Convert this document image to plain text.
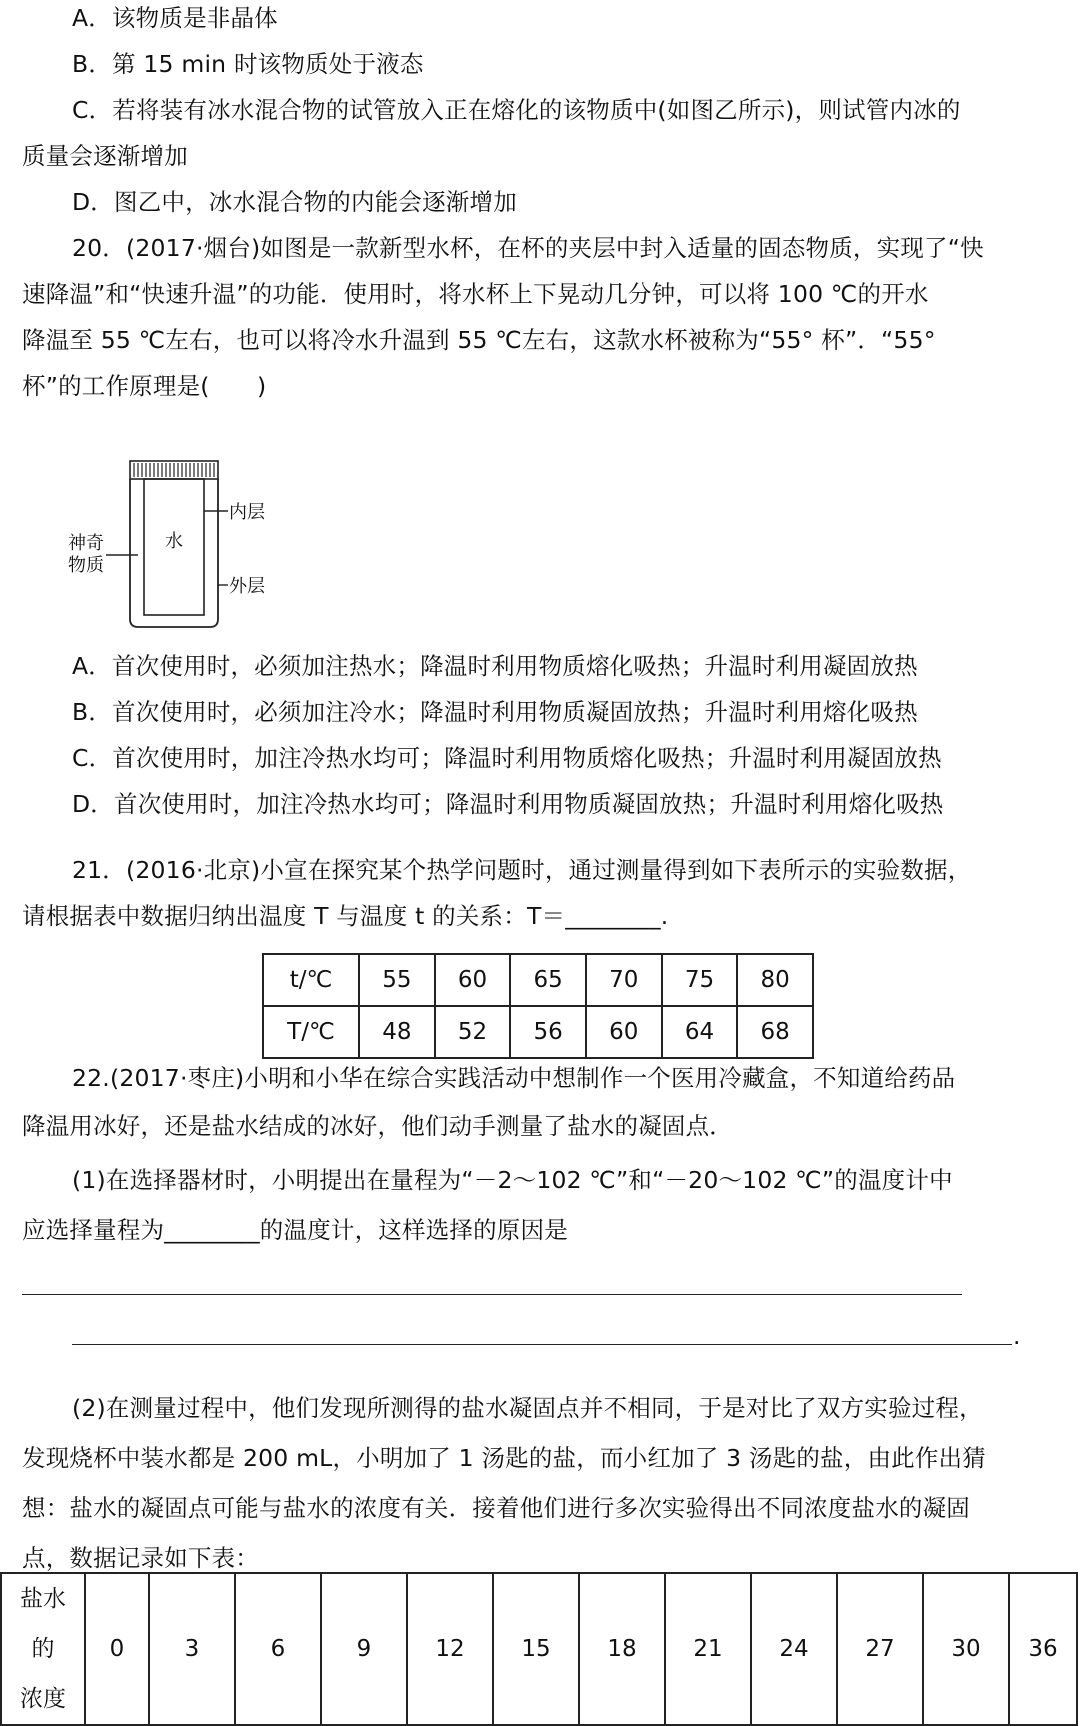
A．该物质是非晶体
B．第 15 min 时该物质处于液态
C．若将装有冰水混合物的试管放入正在熔化的该物质中(如图乙所示)，则试管内冰的
质量会逐渐增加
D．图乙中，冰水混合物的内能会逐渐增加
20．(2017·烟台)如图是一款新型水杯，在杯的夹层中封入适量的固态物质，实现了“快
速降温”和“快速升温”的功能．使用时，将水杯上下晃动几分钟，可以将 100 ℃的开水
降温至 55 ℃左右，也可以将冷水升温到 55 ℃左右，这款水杯被称为“55° 杯”．“55°
杯”的工作原理是(　　)
内层
外层
水
神奇
物质
A．首次使用时，必须加注热水；降温时利用物质熔化吸热；升温时利用凝固放热
B．首次使用时，必须加注冷水；降温时利用物质凝固放热；升温时利用熔化吸热
C．首次使用时，加注冷热水均可；降温时利用物质熔化吸热；升温时利用凝固放热
D．首次使用时，加注冷热水均可；降温时利用物质凝固放热；升温时利用熔化吸热
21．(2016·北京)小宣在探究某个热学问题时，通过测量得到如下表所示的实验数据，
请根据表中数据归纳出温度 T 与温度 t 的关系：T＝________.
t/℃	55	60	65	70	75	80
T/℃	48	52	56	60	64	68
22.(2017·枣庄)小明和小华在综合实践活动中想制作一个医用冷藏盒，不知道给药品
降温用冰好，还是盐水结成的冰好，他们动手测量了盐水的凝固点．
(1)在选择器材时，小明提出在量程为“－2～102 ℃”和“－20～102 ℃”的温度计中
应选择量程为________的温度计，这样选择的原因是
.
(2)在测量过程中，他们发现所测得的盐水凝固点并不相同，于是对比了双方实验过程，
发现烧杯中装水都是 200 mL，小明加了 1 汤匙的盐，而小红加了 3 汤匙的盐，由此作出猜
想：盐水的凝固点可能与盐水的浓度有关．接着他们进行多次实验得出不同浓度盐水的凝固
点，数据记录如下表：
盐水
的
浓度
	0	3	6	9	12	15	18	21	24	27	30	36
